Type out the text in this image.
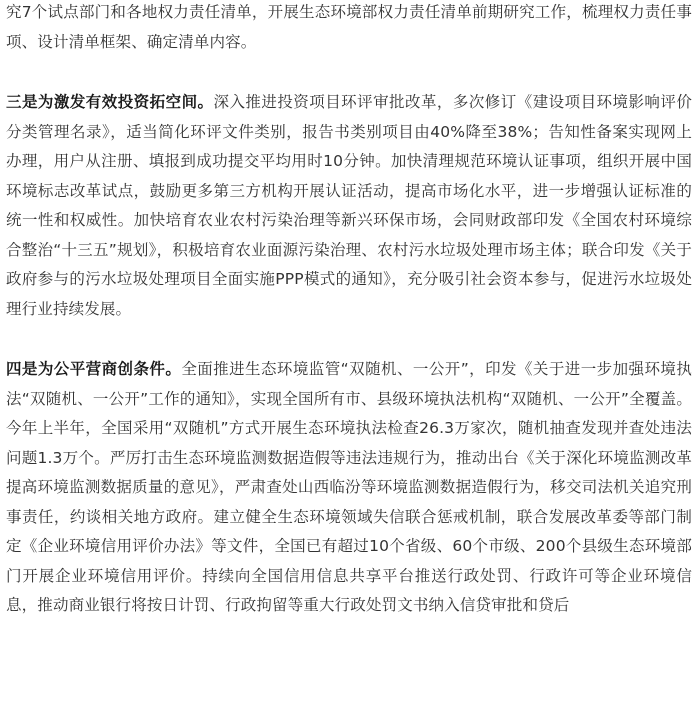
究7个试点部门和各地权力责任清单，开展生态环境部权力责任清单前期研究工作，梳理权力责任事项、设计清单框架、确定清单内容。

三是为激发有效投资拓空间。深入推进投资项目环评审批改革，多次修订《建设项目环境影响评价分类管理名录》，适当简化环评文件类别，报告书类别项目由40%降至38%；告知性备案实现网上办理，用户从注册、填报到成功提交平均用时10分钟。加快清理规范环境认证事项，组织开展中国环境标志改革试点，鼓励更多第三方机构开展认证活动，提高市场化水平，进一步增强认证标准的统一性和权威性。加快培育农业农村污染治理等新兴环保市场，会同财政部印发《全国农村环境综合整治“十三五”规划》，积极培育农业面源污染治理、农村污水垃圾处理市场主体；联合印发《关于政府参与的污水垃圾处理项目全面实施PPP模式的通知》，充分吸引社会资本参与，促进污水垃圾处理行业持续发展。

四是为公平营商创条件。全面推进生态环境监管“双随机、一公开”，印发《关于进一步加强环境执法“双随机、一公开”工作的通知》，实现全国所有市、县级环境执法机构“双随机、一公开”全覆盖。今年上半年，全国采用“双随机”方式开展生态环境执法检查26.3万家次，随机抽查发现并查处违法问题1.3万个。严厉打击生态环境监测数据造假等违法违规行为，推动出台《关于深化环境监测改革提高环境监测数据质量的意见》，严肃查处山西临汾等环境监测数据造假行为，移交司法机关追究刑事责任，约谈相关地方政府。建立健全生态环境领域失信联合惩戒机制，联合发展改革委等部门制定《企业环境信用评价办法》等文件，全国已有超过10个省级、60个市级、200个县级生态环境部门开展企业环境信用评价。持续向全国信用信息共享平台推送行政处罚、行政许可等企业环境信息，推动商业银行将按日计罚、行政拘留等重大行政处罚文书纳入信贷审批和贷后
